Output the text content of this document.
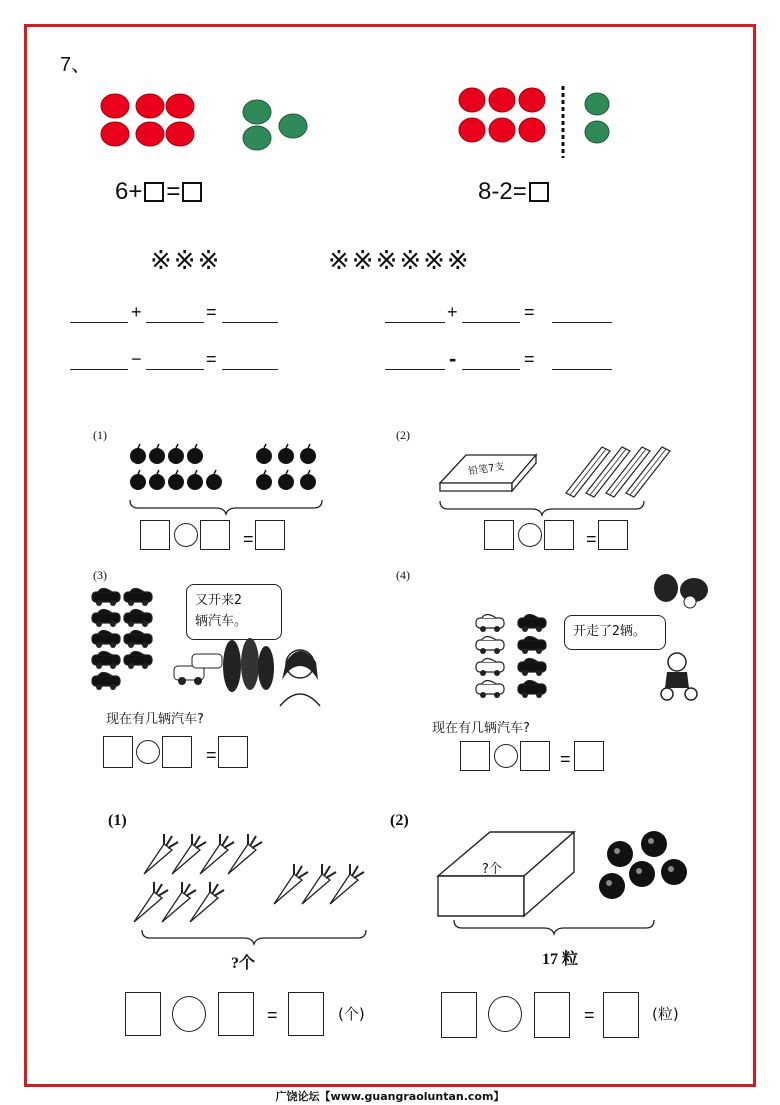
7、
6+ =	8-2=
※※※	※※※※※※
+	=	+	=
−	=	-	=
(1)
=
(2)
铅笔7支
=
(3)
又开来2
辆汽车。
现在有几辆汽车?
=
(4)
开走了2辆。
现在有几辆汽车?
=
(1)
?个
=	(个)
(2)
?个
17 粒
=	(粒)
广饶论坛【www.guangraoluntan.com】
